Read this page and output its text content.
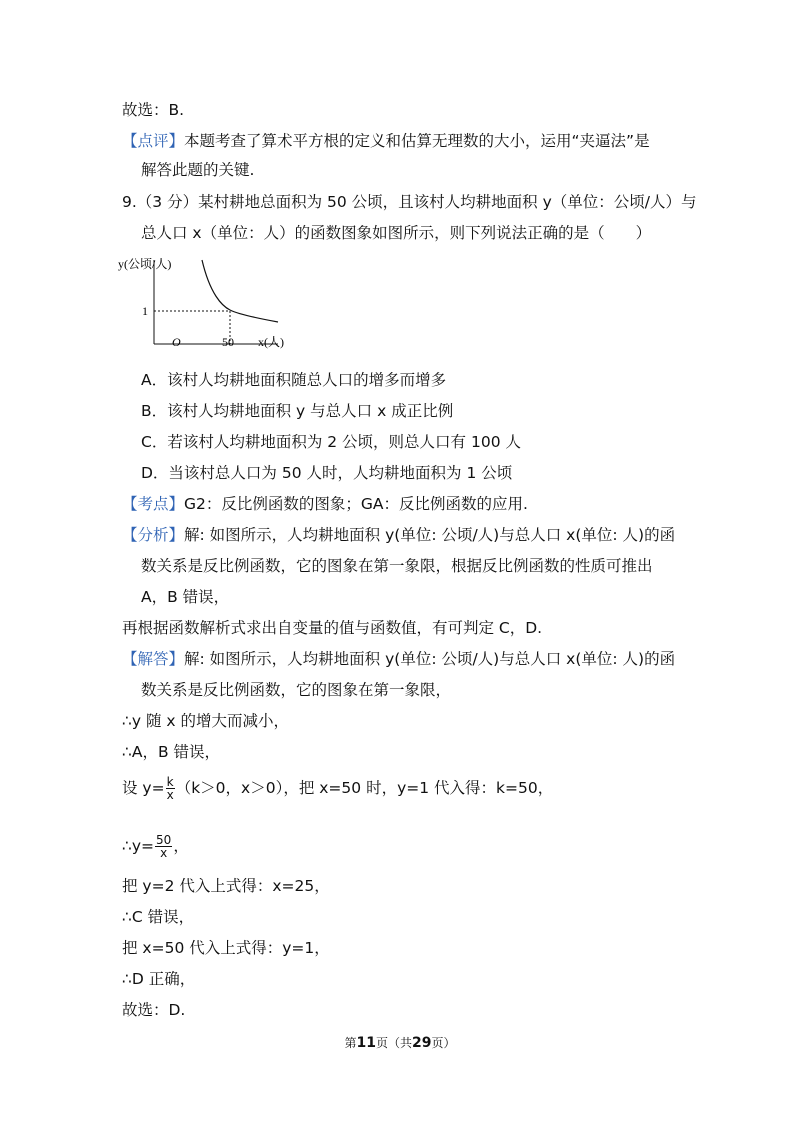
故选：B.
【点评】本题考查了算术平方根的定义和估算无理数的大小，运用“夹逼法”是
解答此题的关键.
9.（3 分）某村耕地总面积为 50 公顷，且该村人均耕地面积 y（单位：公顷/人）与
总人口 x（单位：人）的函数图象如图所示，则下列说法正确的是（　　）
y(公顷/人)
1
O	50 x(人)
A．该村人均耕地面积随总人口的增多而增多
B．该村人均耕地面积 y 与总人口 x 成正比例
C．若该村人均耕地面积为 2 公顷，则总人口有 100 人
D．当该村总人口为 50 人时，人均耕地面积为 1 公顷
【考点】G2：反比例函数的图象；GA：反比例函数的应用.
【分析】解: 如图所示，人均耕地面积 y(单位: 公顷/人)与总人口 x(单位: 人)的函
数关系是反比例函数，它的图象在第一象限，根据反比例函数的性质可推出
A，B 错误，
再根据函数解析式求出自变量的值与函数值，有可判定 C，D.
【解答】解: 如图所示，人均耕地面积 y(单位: 公顷/人)与总人口 x(单位: 人)的函
数关系是反比例函数，它的图象在第一象限，
∴y 随 x 的增大而减小，
∴A，B 错误，
设 $y= \frac{k}{x} (k>0$，x＞0），把 x=50 时，y=1 代入得：k=50，
∴y= $\frac{50}{x}$ ，
把 y=2 代入上式得：x=25，
∴C 错误，
把 x=50 代入上式得：y=1，
∴D 正确，
故选：D.
第11页（共29页）
